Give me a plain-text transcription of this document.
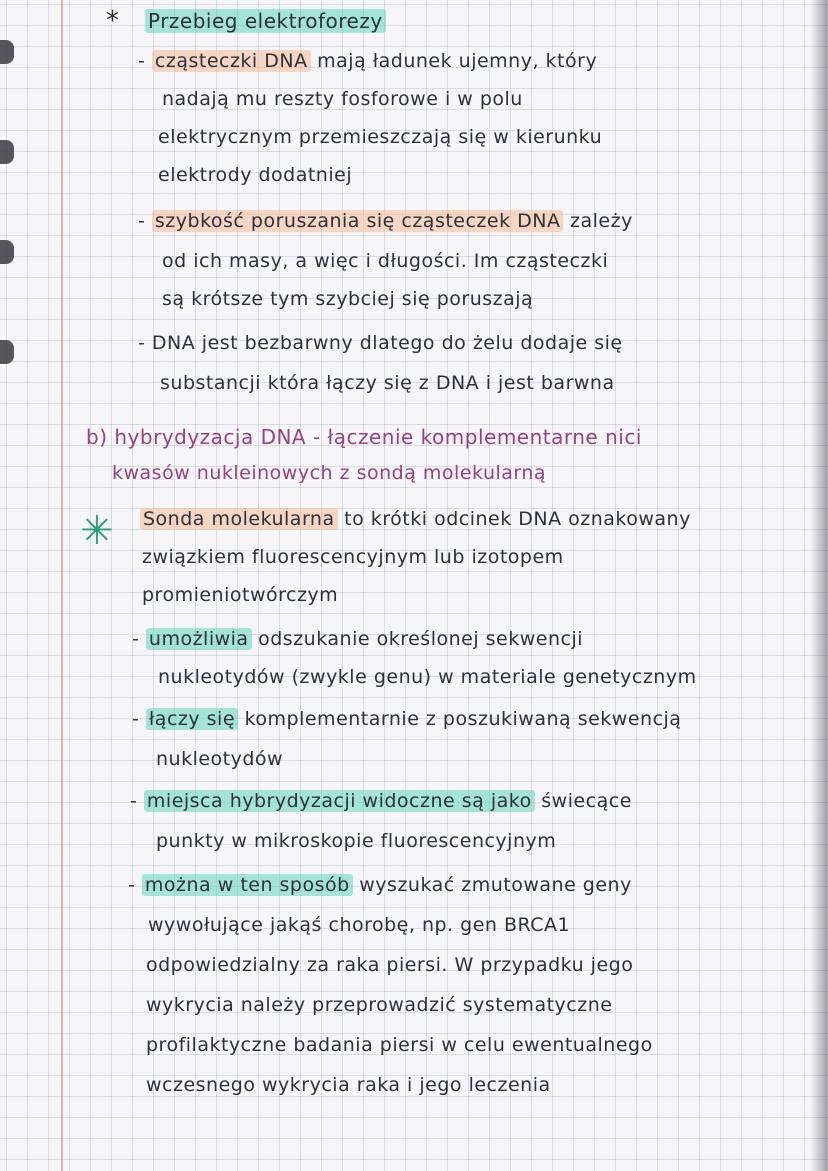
*
✳
Przebieg elektroforezy
- cząsteczki DNA mają ładunek ujemny, który
nadają mu reszty fosforowe i w polu
elektrycznym przemieszczają się w kierunku
elektrody dodatniej
- szybkość poruszania się cząsteczek DNA zależy
od ich masy, a więc i długości. Im cząsteczki
są krótsze tym szybciej się poruszają
- DNA jest bezbarwny dlatego do żelu dodaje się
substancji która łączy się z DNA i jest barwna
b) hybrydyzacja DNA - łączenie komplementarne nici
kwasów nukleinowych z sondą molekularną
Sonda molekularna to krótki odcinek DNA oznakowany
związkiem fluorescencyjnym lub izotopem
promieniotwórczym
- umożliwia odszukanie określonej sekwencji
nukleotydów (zwykle genu) w materiale genetycznym
- łączy się komplementarnie z poszukiwaną sekwencją
nukleotydów
- miejsca hybrydyzacji widoczne są jako świecące
punkty w mikroskopie fluorescencyjnym
- można w ten sposób wyszukać zmutowane geny
wywołujące jakąś chorobę, np. gen BRCA1
odpowiedzialny za raka piersi. W przypadku jego
wykrycia należy przeprowadzić systematyczne
profilaktyczne badania piersi w celu ewentualnego
wczesnego wykrycia raka i jego leczenia
